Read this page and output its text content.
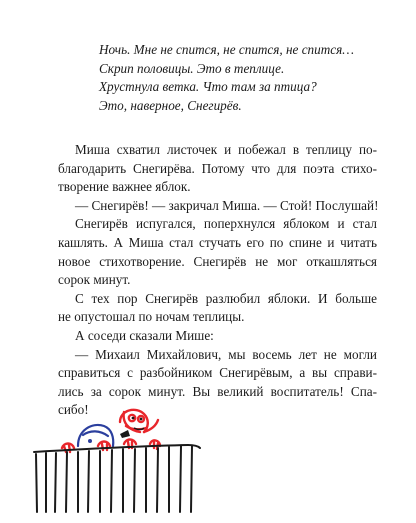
Ночь. Мне не спится, не спится, не спится…
Скрип половицы. Это в теплице.
Хрустнула ветка. Что там за птица?
Это, наверное, Снегирёв.
Миша схватил листочек и побежал в теплицу по-
благодарить Снегирёва. Потому что для поэта стихо-
творение важнее яблок.
— Снегирёв! — закричал Миша. — Стой! Послушай!
Снегирёв испугался, поперхнулся яблоком и стал
кашлять. А Миша стал стучать его по спине и читать
новое стихотворение. Снегирёв не мог откашляться
сорок минут.
С тех пор Снегирёв разлюбил яблоки. И больше
не опустошал по ночам теплицы.
А соседи сказали Мише:
— Михаил Михайлович, мы восемь лет не могли
справиться с разбойником Снегирёвым, а вы справи-
лись за сорок минут. Вы великий воспитатель! Спа-
сибо!
